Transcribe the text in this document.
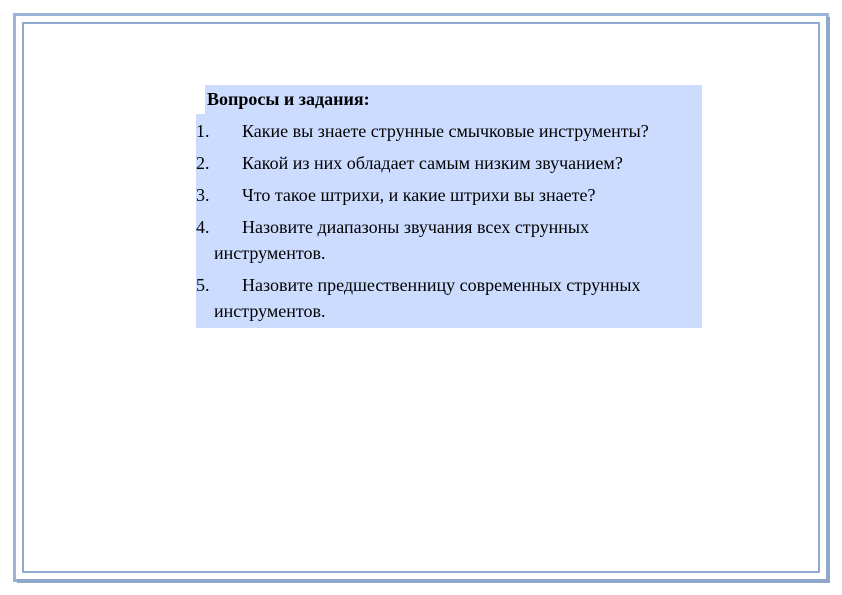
Вопросы и задания:
1. Какие вы знаете струнные смычковые инструменты?
2. Какой из них обладает самым низким звучанием?
3. Что такое штрихи, и какие штрихи вы знаете?
4. Назовите диапазоны звучания всех струнных инструментов.
5. Назовите предшественницу современных струнных инструментов.
